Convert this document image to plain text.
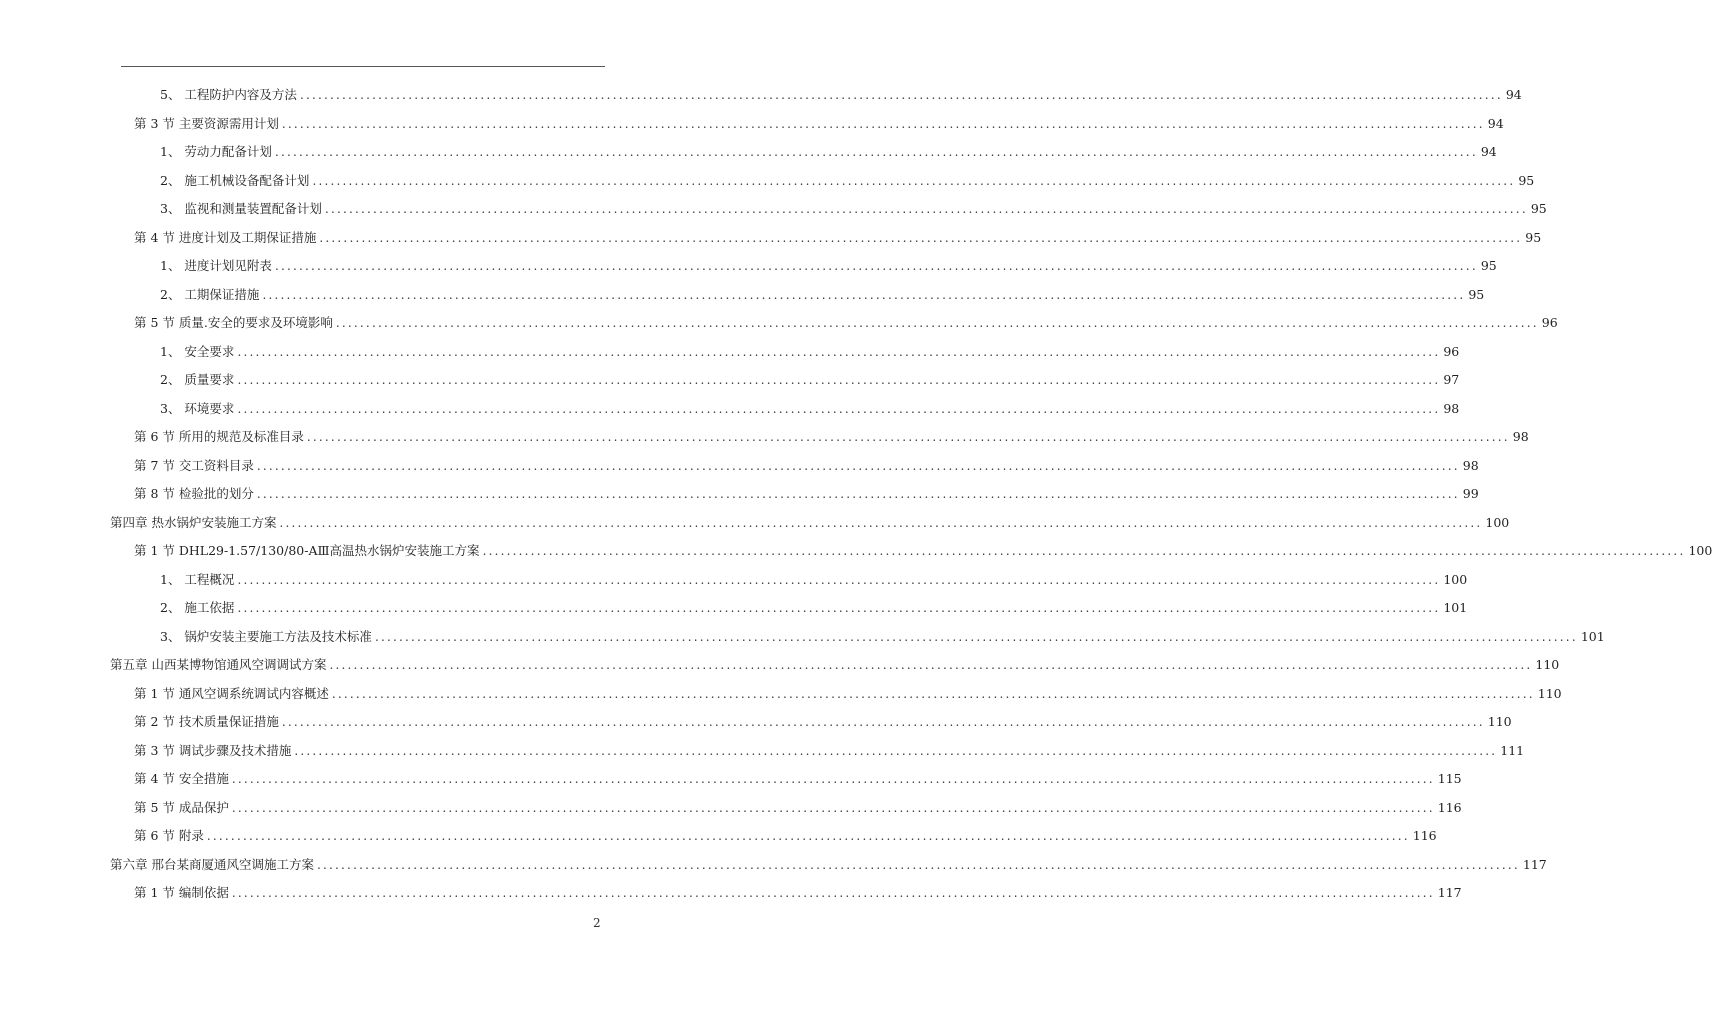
5、 工程防护内容及方法 ........................................................................................................................................................................................................ 94
第 3 节 主要资源需用计划 ........................................................................................................................................................................................................ 94
1、 劳动力配备计划 ........................................................................................................................................................................................................ 94
2、 施工机械设备配备计划 ........................................................................................................................................................................................................ 95
3、 监视和测量装置配备计划 ........................................................................................................................................................................................................ 95
第 4 节 进度计划及工期保证措施 ........................................................................................................................................................................................................ 95
1、 进度计划见附表 ........................................................................................................................................................................................................ 95
2、 工期保证措施 ........................................................................................................................................................................................................ 95
第 5 节 质量.安全的要求及环境影响 ........................................................................................................................................................................................................ 96
1、 安全要求 ........................................................................................................................................................................................................ 96
2、 质量要求 ........................................................................................................................................................................................................ 97
3、 环境要求 ........................................................................................................................................................................................................ 98
第 6 节 所用的规范及标准目录 ........................................................................................................................................................................................................ 98
第 7 节 交工资料目录 ........................................................................................................................................................................................................ 98
第 8 节 检验批的划分 ........................................................................................................................................................................................................ 99
第四章 热水锅炉安装施工方案 ........................................................................................................................................................................................................ 100
第 1 节 DHL29-1.57/130/80-AⅢ高温热水锅炉安装施工方案 ........................................................................................................................................................................................................ 100
1、 工程概况 ........................................................................................................................................................................................................ 100
2、 施工依据 ........................................................................................................................................................................................................ 101
3、 锅炉安装主要施工方法及技术标准 ........................................................................................................................................................................................................ 101
第五章 山西某博物馆通风空调调试方案 ........................................................................................................................................................................................................ 110
第 1 节 通风空调系统调试内容概述 ........................................................................................................................................................................................................ 110
第 2 节 技术质量保证措施 ........................................................................................................................................................................................................ 110
第 3 节 调试步骤及技术措施 ........................................................................................................................................................................................................ 111
第 4 节 安全措施 ........................................................................................................................................................................................................ 115
第 5 节 成品保护 ........................................................................................................................................................................................................ 116
第 6 节 附录 ........................................................................................................................................................................................................ 116
第六章 邢台某商厦通风空调施工方案 ........................................................................................................................................................................................................ 117
第 1 节 编制依据 ........................................................................................................................................................................................................ 117
2
